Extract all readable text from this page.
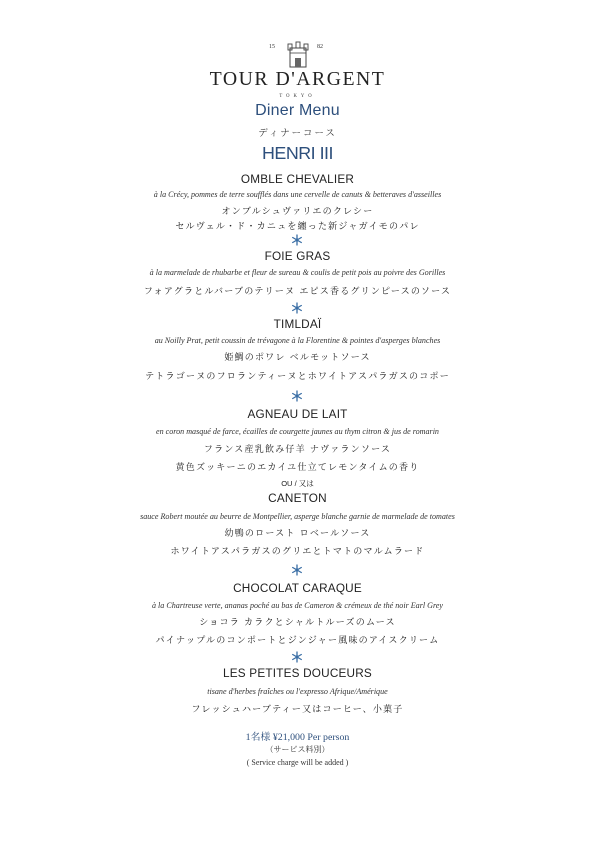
15	82
TOUR D'ARGENT
TOKYO
Diner Menu
ディナーコース
HENRI III
OMBLE CHEVALIER
à la Crécy, pommes de terre soufflés dans une cervelle de canuts & betteraves d'asseilles
オンブルシュヴァリエのクレシー
セルヴェル・ド・カニュを纏った新ジャガイモのパレ
FOIE GRAS
à la marmelade de rhubarbe et fleur de sureau & coulis de petit pois au poivre des Gorilles
フォアグラとルバーブのテリーヌ エピス香るグリンピースのソース
TIMLDAÏ
au Noilly Prat, petit coussin de trévagone à la Florentine & pointes d'asperges blanches
姫鯛のポワレ ベルモットソース
テトラゴーヌのフロランティーヌとホワイトアスパラガスのコポー
AGNEAU DE LAIT
en coron masqué de farce, écailles de courgette jaunes au thym citron & jus de romarin
フランス産乳飲み仔羊 ナヴァランソース
黄色ズッキーニのエカイユ仕立てレモンタイムの香り
OU / 又は
CANETON
sauce Robert moutée au beurre de Montpellier, asperge blanche garnie de marmelade de tomates
幼鴨のロースト ロベールソース
ホワイトアスパラガスのグリエとトマトのマルムラード
CHOCOLAT CARAQUE
à la Chartreuse verte, ananas poché au bas de Cameron & crémeux de thé noir Earl Grey
ショコラ カラクとシャルトルーズのムース
パイナップルのコンポートとジンジャー風味のアイスクリーム
LES PETITES DOUCEURS
tisane d'herbes fraîches ou l'expresso Afrique/Amérique
フレッシュハーブティー又はコーヒー、小菓子
1名様 ¥21,000 Per person
（サービス料別）
( Service charge will be added )
